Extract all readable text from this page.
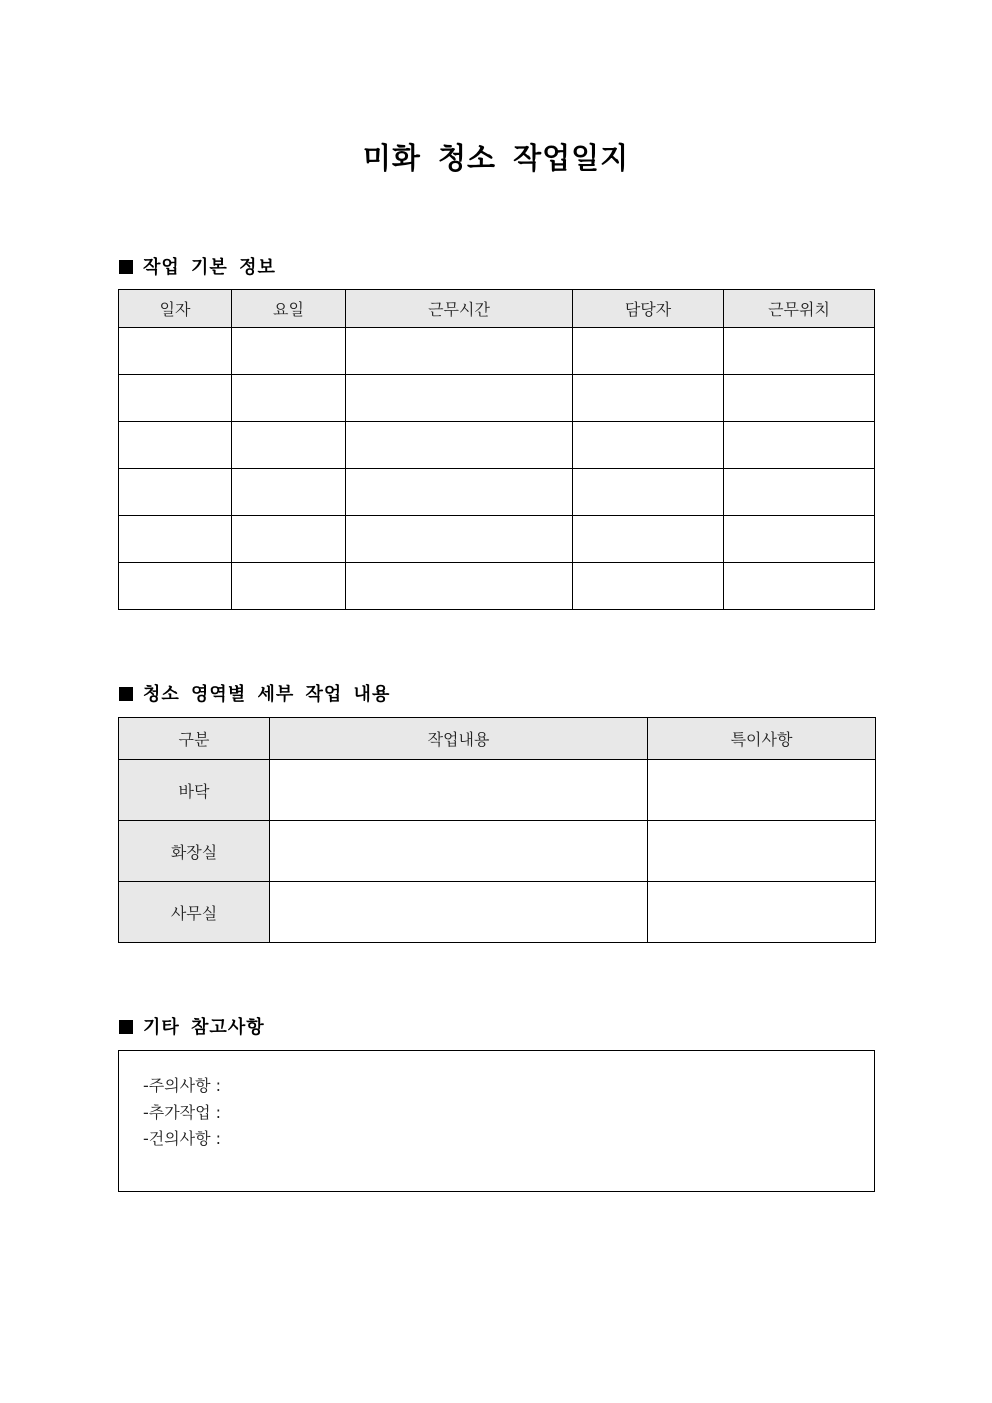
미화 청소 작업일지
작업 기본 정보
일자	요일	근무시간	담당자	근무위치

청소 영역별 세부 작업 내용
구분	작업내용	특이사항
바닥		
화장실		
사무실		
기타 참고사항
-주의사항 :
-추가작업 :
-건의사항 :
